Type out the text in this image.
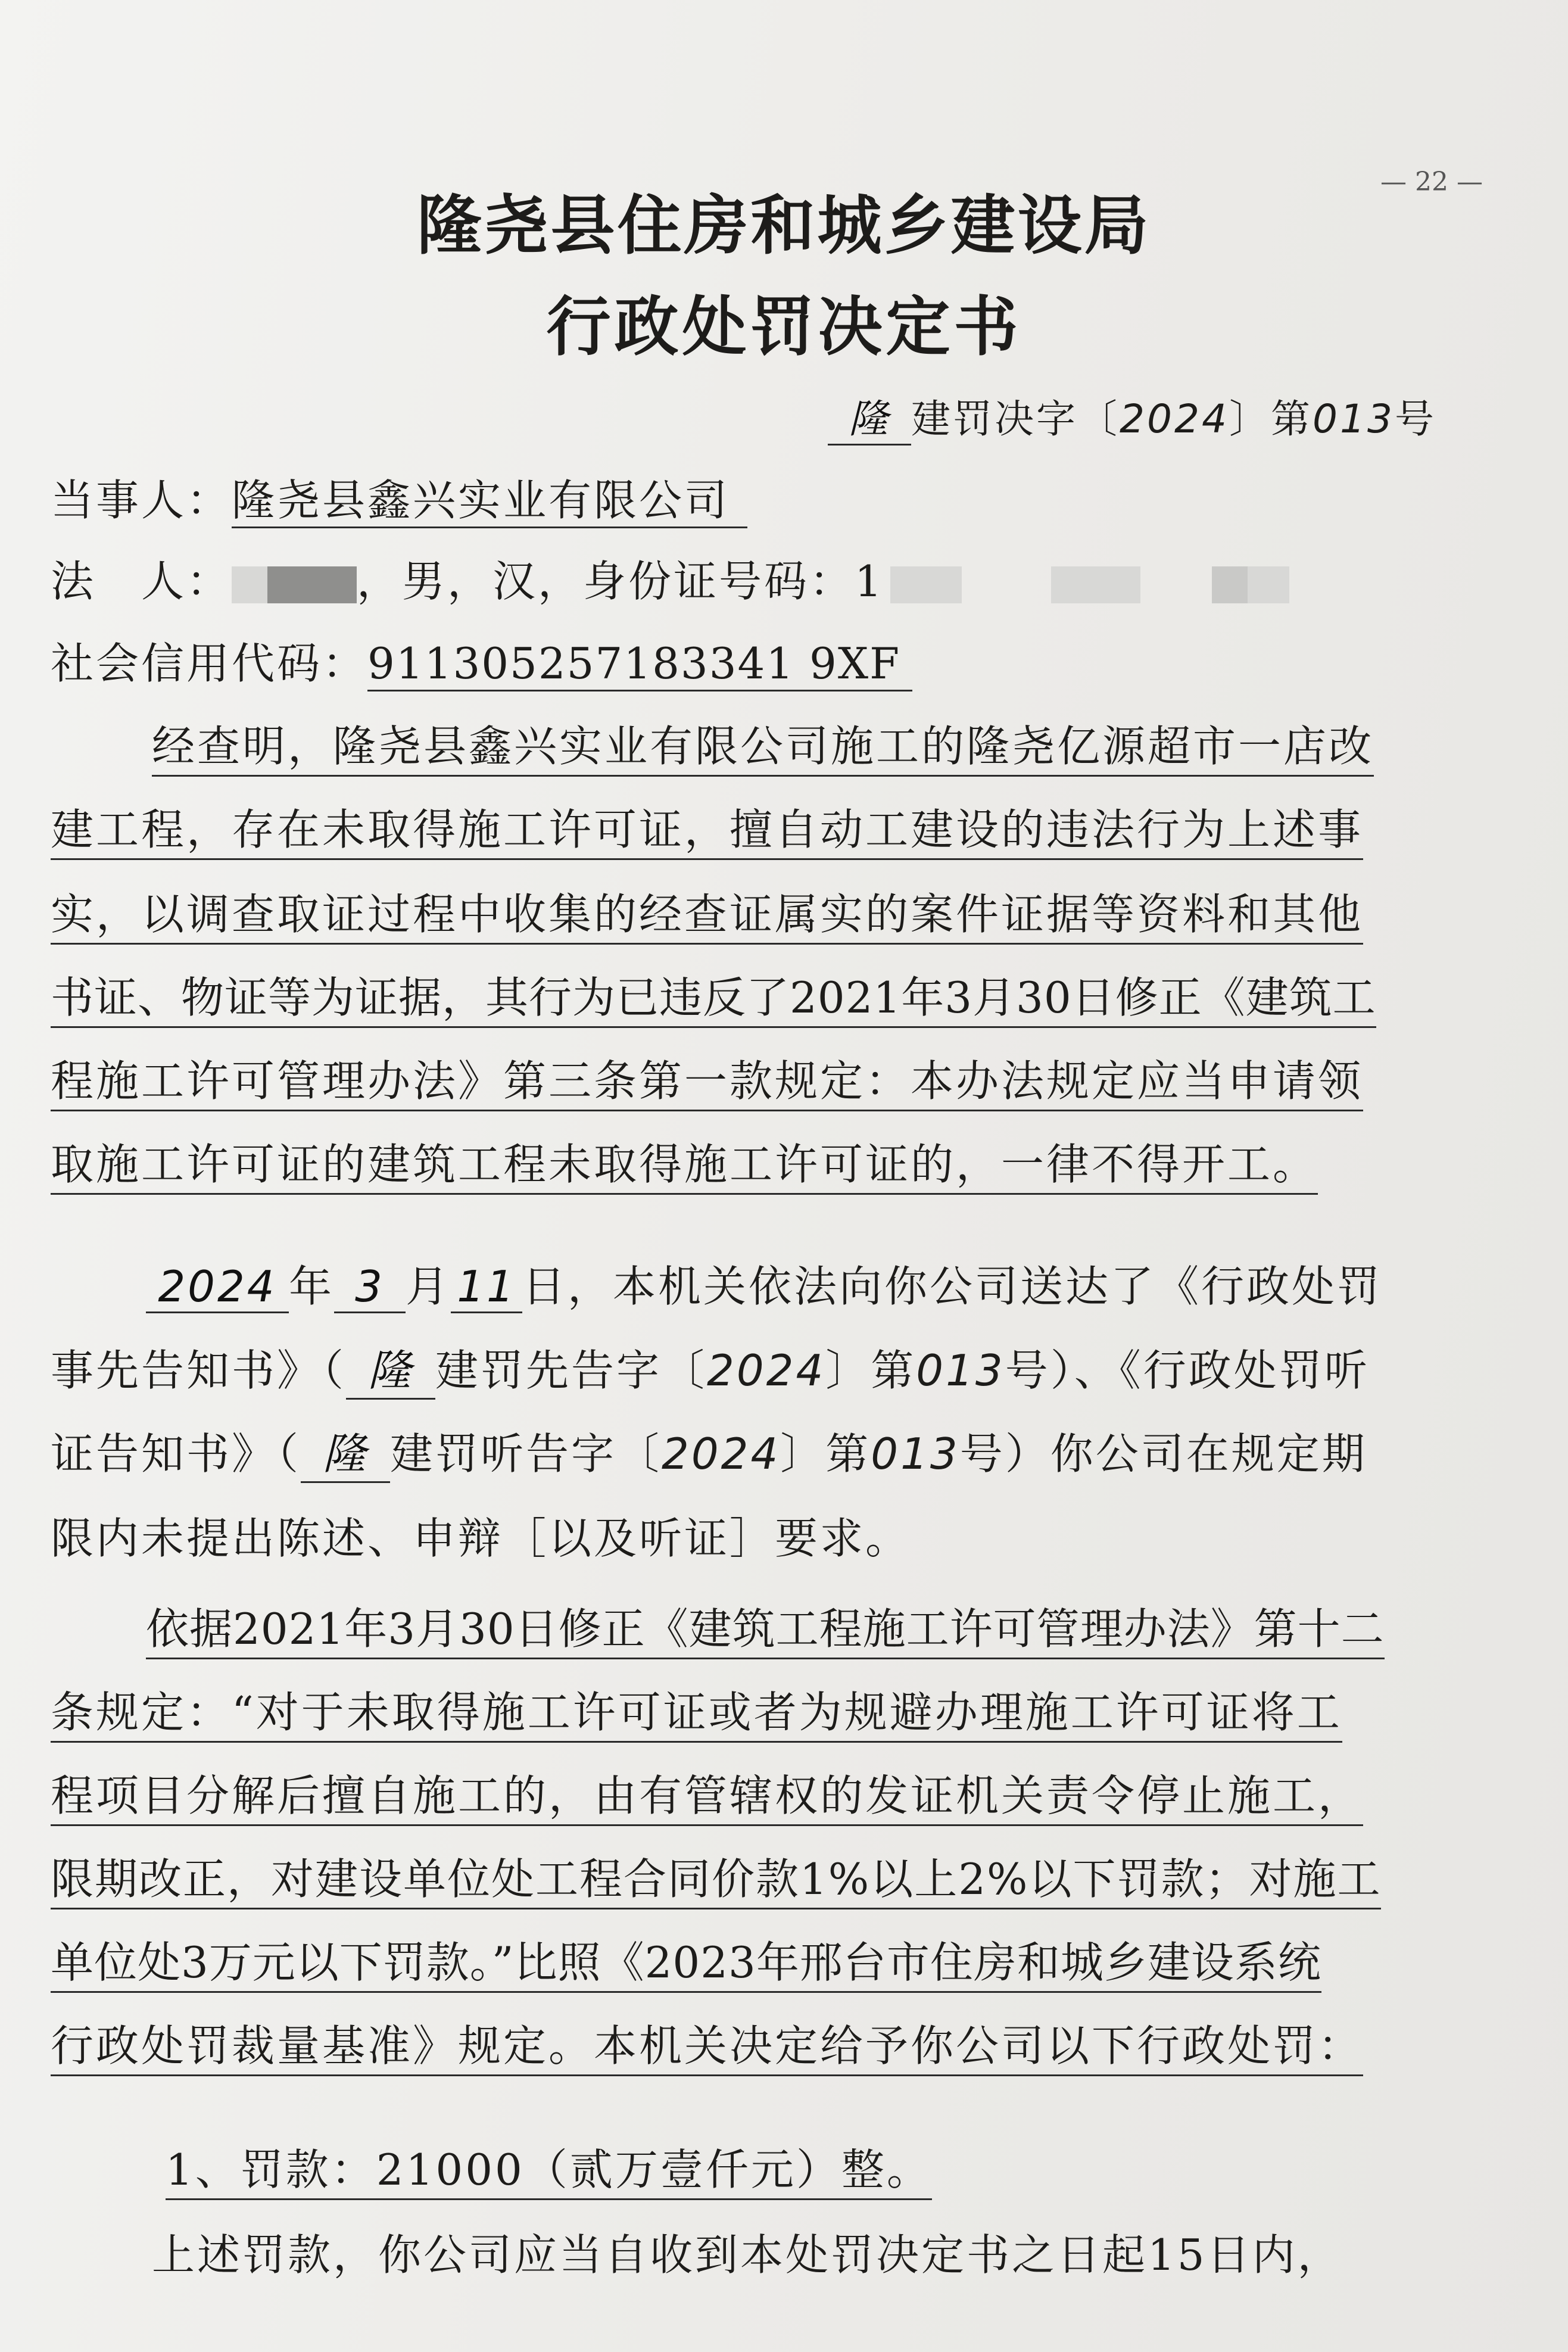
— 22 —
隆尧县住房和城乡建设局
行政处罚决定书
隆 建罚决字〔2024〕第013号
当事人：隆尧县鑫兴实业有限公司
法　人：	，男，汉，身份证号码：1
社会信用代码：911305257183341 9XF
经查明，隆尧县鑫兴实业有限公司施工的隆尧亿源超市一店改
建工程，存在未取得施工许可证，擅自动工建设的违法行为上述事
实，以调查取证过程中收集的经查证属实的案件证据等资料和其他
书证、物证等为证据，其行为已违反了2021年3月30日修正《建筑工
程施工许可管理办法》第三条第一款规定：本办法规定应当申请领
取施工许可证的建筑工程未取得施工许可证的，一律不得开工。
2024 年 3 月 11 日，本机关依法向你公司送达了《行政处罚
事先告知书》（ 隆 建罚先告字〔2024〕第013号）、《行政处罚听
证告知书》（ 隆 建罚听告字〔2024〕第013号）你公司在规定期
限内未提出陈述、申辩［以及听证］要求。
依据2021年3月30日修正《建筑工程施工许可管理办法》第十二
条规定：“对于未取得施工许可证或者为规避办理施工许可证将工
程项目分解后擅自施工的，由有管辖权的发证机关责令停止施工，
限期改正，对建设单位处工程合同价款1%以上2%以下罚款；对施工
单位处3万元以下罚款。”比照《2023年邢台市住房和城乡建设系统
行政处罚裁量基准》规定。本机关决定给予你公司以下行政处罚：
1、罚款：21000（贰万壹仟元）整。
上述罚款，你公司应当自收到本处罚决定书之日起15日内，
